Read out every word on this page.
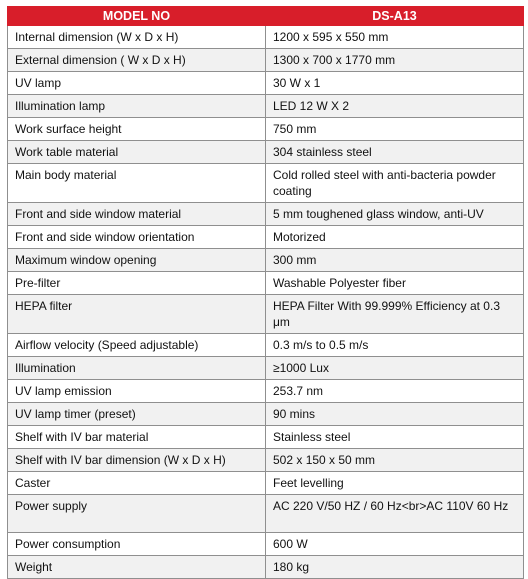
MODEL NO	DS-A13
Internal dimension (W x D x H)	1200 x 595 x 550 mm
External dimension ( W x D x H)	1300 x 700 x 1770 mm
UV lamp	30 W x 1
Illumination lamp	LED 12 W X 2
Work surface height	750 mm
Work table material	304 stainless steel
Main body material	Cold rolled steel with anti-bacteria powder coating
Front and side window material	5 mm toughened glass window, anti-UV
Front and side window orientation	Motorized
Maximum window opening	300 mm
Pre-filter	Washable Polyester fiber
HEPA filter	HEPA Filter With 99.999% Efficiency at 0.3 μm
Airflow velocity (Speed adjustable)	0.3 m/s to 0.5 m/s
Illumination	≥1000 Lux
UV lamp emission	253.7 nm
UV lamp timer (preset)	90 mins
Shelf with IV bar material	Stainless steel
Shelf with IV bar dimension (W x D x H)	502 x 150 x 50 mm
Caster	Feet levelling
Power supply	AC 220 V/50 HZ / 60 Hz<br>AC 110V 60 Hz
Power consumption	600 W
Weight	180 kg
